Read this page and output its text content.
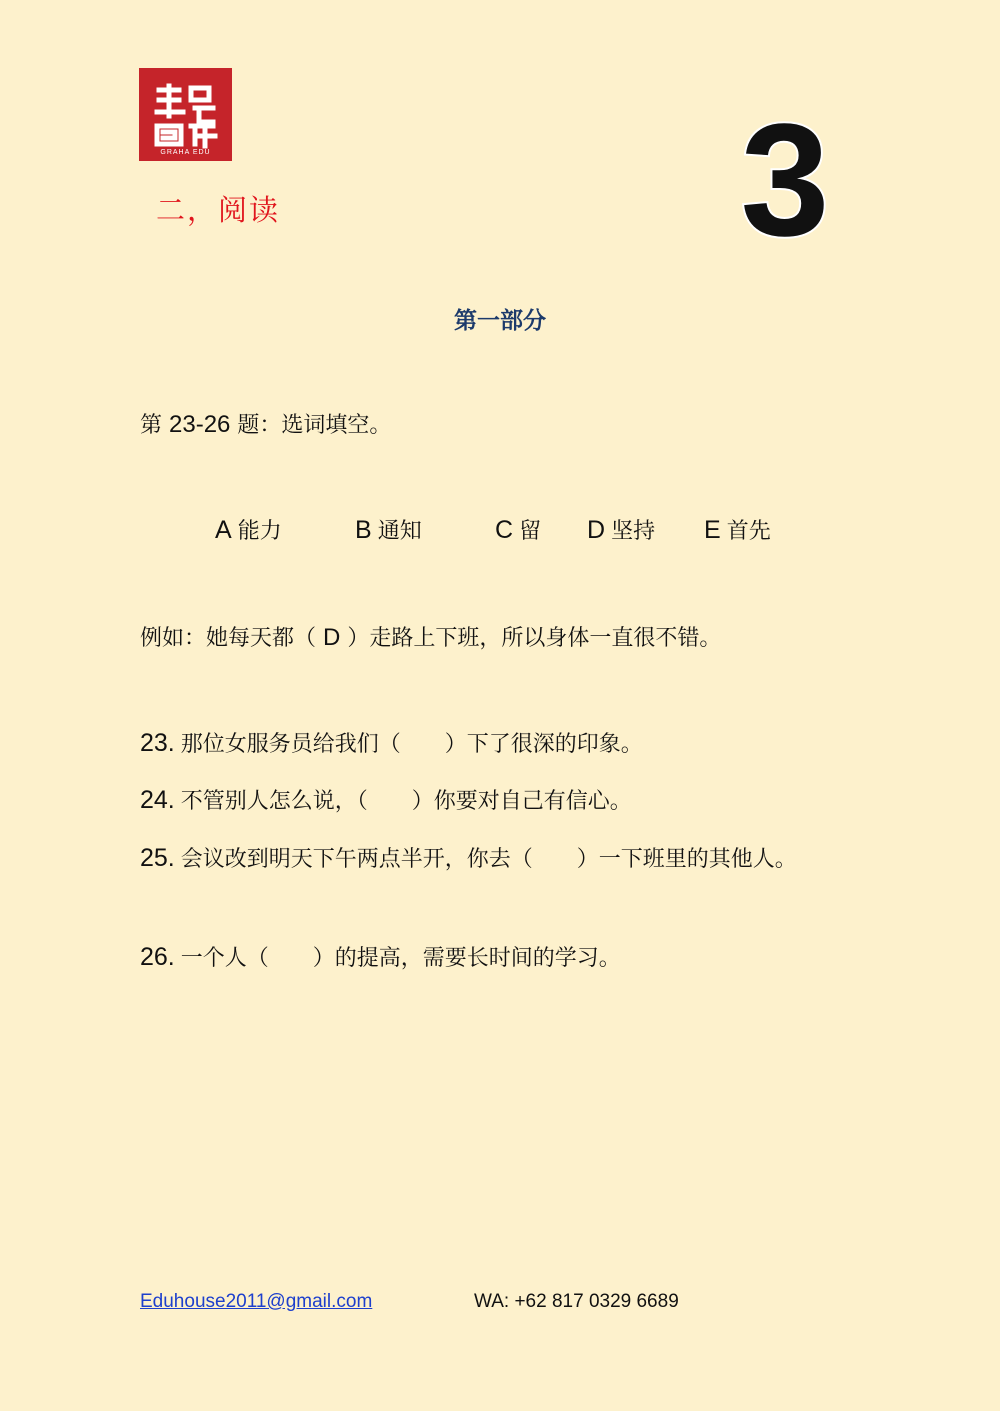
GRAHA EDU
二，阅读	3
第一部分
第 23-26 题：选词填空。
A 能力	B 通知	C 留	D 坚持	E 首先
例如：她每天都（ D ）走路上下班，所以身体一直很不错。
23. 那位女服务员给我们（　　）下了很深的印象。
24. 不管别人怎么说，（　　）你要对自己有信心。
25. 会议改到明天下午两点半开，你去（　　）一下班里的其他人。
26. 一个人（　　）的提高，需要长时间的学习。
Eduhouse2011@gmail.com	WA: +62 817 0329 6689
